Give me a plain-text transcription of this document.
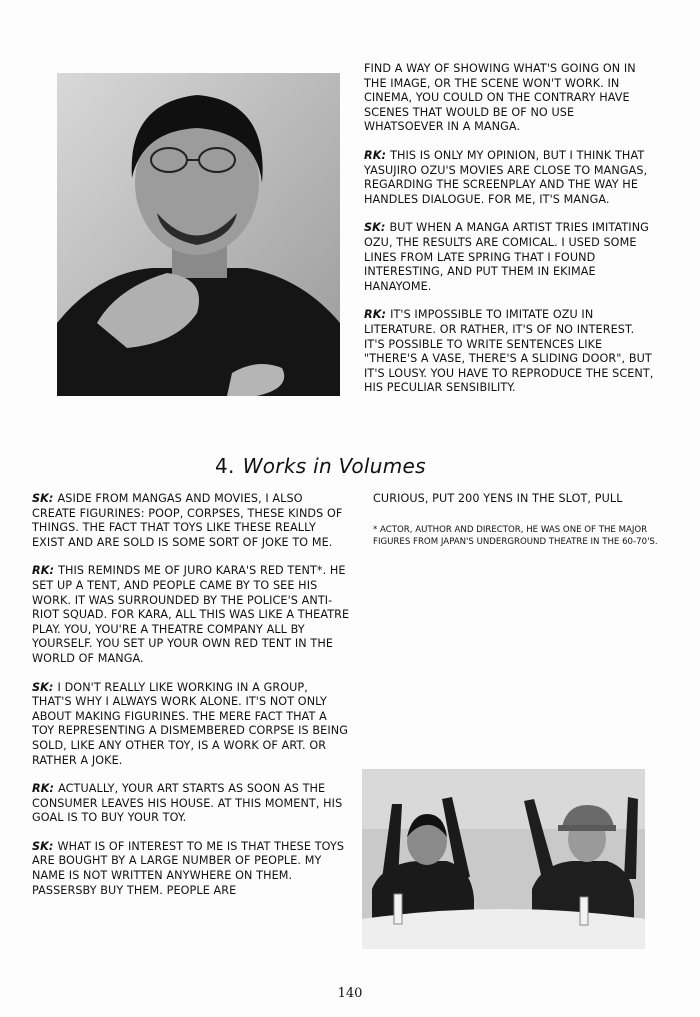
FIND A WAY OF SHOWING WHAT'S GOING ON IN THE IMAGE, OR THE SCENE WON'T WORK. IN CINEMA, YOU COULD ON THE CONTRARY HAVE SCENES THAT WOULD BE OF NO USE WHATSOEVER IN A MANGA.

RK: THIS IS ONLY MY OPINION, BUT I THINK THAT YASUJIRO OZU'S MOVIES ARE CLOSE TO MANGAS, REGARDING THE SCREENPLAY AND THE WAY HE HANDLES DIALOGUE. FOR ME, IT'S MANGA.

SK: BUT WHEN A MANGA ARTIST TRIES IMITATING OZU, THE RESULTS ARE COMICAL. I USED SOME LINES FROM LATE SPRING THAT I FOUND INTERESTING, AND PUT THEM IN EKIMAE HANAYOME.

RK: IT'S IMPOSSIBLE TO IMITATE OZU IN LITERATURE. OR RATHER, IT'S OF NO INTEREST. IT'S POSSIBLE TO WRITE SENTENCES LIKE "THERE'S A VASE, THERE'S A SLIDING DOOR", BUT IT'S LOUSY. YOU HAVE TO REPRODUCE THE SCENT, HIS PECULIAR SENSIBILITY.

4. Works in Volumes

SK: ASIDE FROM MANGAS AND MOVIES, I ALSO CREATE FIGURINES: POOP, CORPSES, THESE KINDS OF THINGS. THE FACT THAT TOYS LIKE THESE REALLY EXIST AND ARE SOLD IS SOME SORT OF JOKE TO ME.

RK: THIS REMINDS ME OF JURO KARA'S RED TENT*. HE SET UP A TENT, AND PEOPLE CAME BY TO SEE HIS WORK. IT WAS SURROUNDED BY THE POLICE'S ANTI-RIOT SQUAD. FOR KARA, ALL THIS WAS LIKE A THEATRE PLAY. YOU, YOU'RE A THEATRE COMPANY ALL BY YOURSELF. YOU SET UP YOUR OWN RED TENT IN THE WORLD OF MANGA.

SK: I DON'T REALLY LIKE WORKING IN A GROUP, THAT'S WHY I ALWAYS WORK ALONE. IT'S NOT ONLY ABOUT MAKING FIGURINES. THE MERE FACT THAT A TOY REPRESENTING A DISMEMBERED CORPSE IS BEING SOLD, LIKE ANY OTHER TOY, IS A WORK OF ART. OR RATHER A JOKE.

RK: ACTUALLY, YOUR ART STARTS AS SOON AS THE CONSUMER LEAVES HIS HOUSE. AT THIS MOMENT, HIS GOAL IS TO BUY YOUR TOY.

SK: WHAT IS OF INTEREST TO ME IS THAT THESE TOYS ARE BOUGHT BY A LARGE NUMBER OF PEOPLE. MY NAME IS NOT WRITTEN ANYWHERE ON THEM. PASSERSBY BUY THEM. PEOPLE ARE

CURIOUS, PUT 200 YENS IN THE SLOT, PULL
* ACTOR, AUTHOR AND DIRECTOR, HE WAS ONE OF THE MAJOR FIGURES FROM JAPAN'S UNDERGROUND THEATRE IN THE 60-70'S.
140
